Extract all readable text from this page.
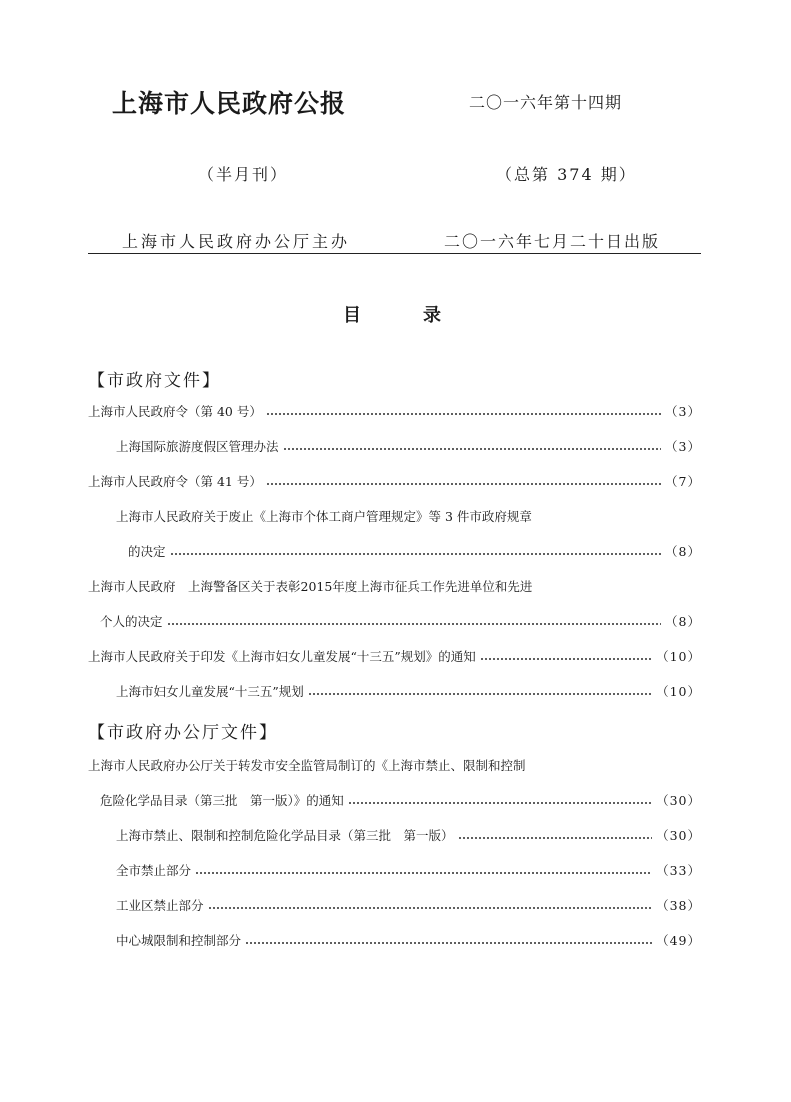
上海市人民政府公报	二〇一六年第十四期
（半月刊）	（总第 374 期）
上海市人民政府办公厅主办	二〇一六年七月二十日出版
目	录
【市政府文件】
上海市人民政府令（第 40 号）	（3）
上海国际旅游度假区管理办法	（3）
上海市人民政府令（第 41 号）	（7）
上海市人民政府关于废止《上海市个体工商户管理规定》等 3 件市政府规章
的决定	（8）
上海市人民政府　上海警备区关于表彰2015年度上海市征兵工作先进单位和先进
个人的决定	（8）
上海市人民政府关于印发《上海市妇女儿童发展“十三五”规划》的通知	（10）
上海市妇女儿童发展“十三五”规划	（10）
【市政府办公厅文件】
上海市人民政府办公厅关于转发市安全监管局制订的《上海市禁止、限制和控制
危险化学品目录（第三批　第一版）》的通知	（30）
上海市禁止、限制和控制危险化学品目录（第三批　第一版）	（30）
全市禁止部分	（33）
工业区禁止部分	（38）
中心城限制和控制部分	（49）
